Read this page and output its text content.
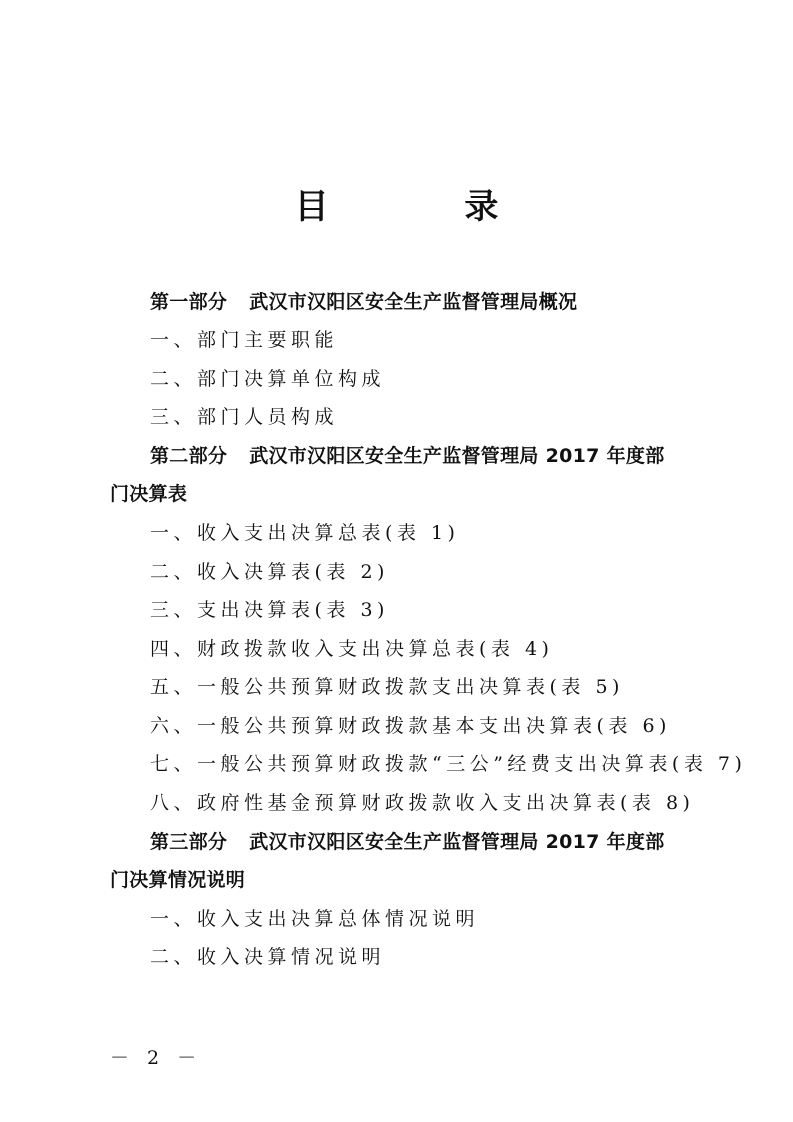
目 录
第一部分 武汉市汉阳区安全生产监督管理局概况
一、部门主要职能
二、部门决算单位构成
三、部门人员构成
第二部分 武汉市汉阳区安全生产监督管理局 2017 年度部
门决算表
一、收入支出决算总表(表 1)
二、收入决算表(表 2)
三、支出决算表(表 3)
四、财政拨款收入支出决算总表(表 4)
五、一般公共预算财政拨款支出决算表(表 5)
六、一般公共预算财政拨款基本支出决算表(表 6)
七、一般公共预算财政拨款“三公”经费支出决算表(表 7)
八、政府性基金预算财政拨款收入支出决算表(表 8)
第三部分 武汉市汉阳区安全生产监督管理局 2017 年度部
门决算情况说明
一、收入支出决算总体情况说明
二、收入决算情况说明
－ 2 －
